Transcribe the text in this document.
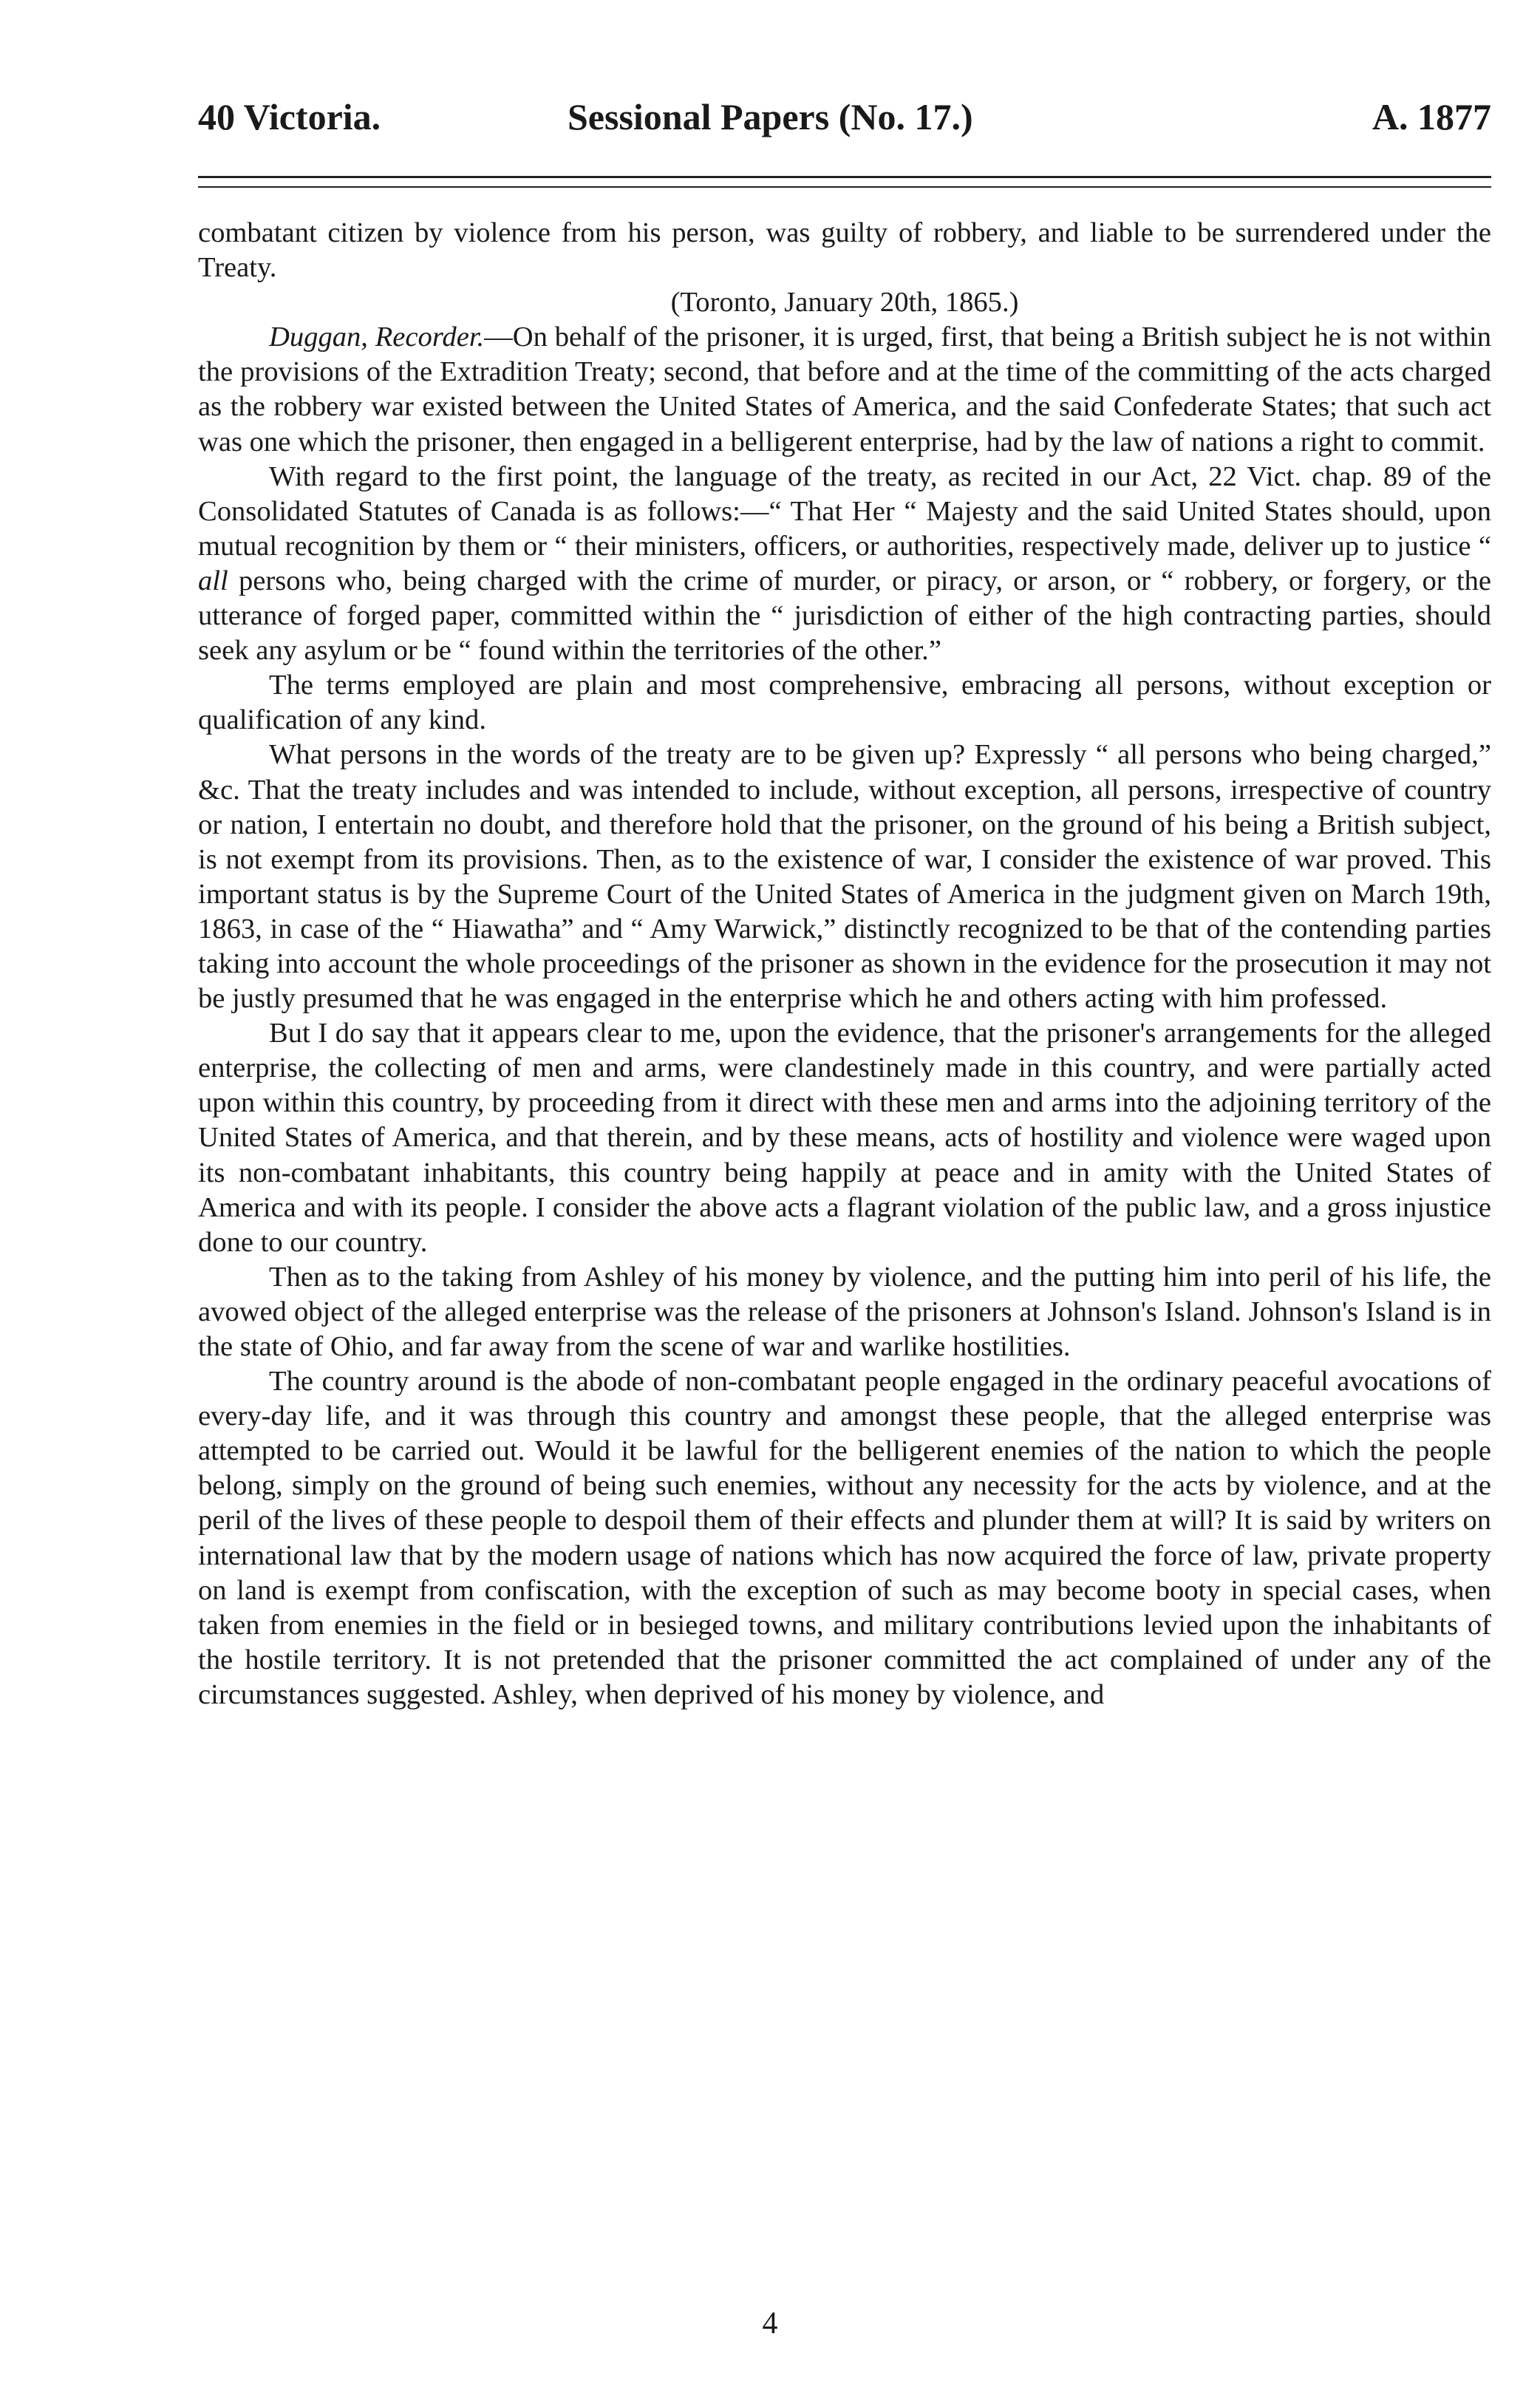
40 Victoria.	Sessional Papers (No. 17.)	A. 1877

combatant citizen by violence from his person, was guilty of robbery, and liable to be surrendered under the Treaty.

(Toronto, January 20th, 1865.)

Duggan, Recorder.—On behalf of the prisoner, it is urged, first, that being a British subject he is not within the provisions of the Extradition Treaty; second, that before and at the time of the committing of the acts charged as the robbery war existed between the United States of America, and the said Confederate States; that such act was one which the prisoner, then engaged in a belligerent enterprise, had by the law of nations a right to commit.

With regard to the first point, the language of the treaty, as recited in our Act, 22 Vict. chap. 89 of the Consolidated Statutes of Canada is as follows:—“ That Her “ Majesty and the said United States should, upon mutual recognition by them or “ their ministers, officers, or authorities, respectively made, deliver up to justice “ all persons who, being charged with the crime of murder, or piracy, or arson, or “ robbery, or forgery, or the utterance of forged paper, committed within the “ jurisdiction of either of the high contracting parties, should seek any asylum or be “ found within the territories of the other.”

The terms employed are plain and most comprehensive, embracing all persons, without exception or qualification of any kind.

What persons in the words of the treaty are to be given up? Expressly “ all persons who being charged,” &c. That the treaty includes and was intended to include, without exception, all persons, irrespective of country or nation, I entertain no doubt, and therefore hold that the prisoner, on the ground of his being a British subject, is not exempt from its provisions. Then, as to the existence of war, I consider the existence of war proved. This important status is by the Supreme Court of the United States of America in the judgment given on March 19th, 1863, in case of the “ Hiawatha” and “ Amy Warwick,” distinctly recognized to be that of the contending parties taking into account the whole proceedings of the prisoner as shown in the evidence for the prosecution it may not be justly presumed that he was engaged in the enterprise which he and others acting with him professed.

But I do say that it appears clear to me, upon the evidence, that the prisoner's arrangements for the alleged enterprise, the collecting of men and arms, were clandestinely made in this country, and were partially acted upon within this country, by proceeding from it direct with these men and arms into the adjoining territory of the United States of America, and that therein, and by these means, acts of hostility and violence were waged upon its non-combatant inhabitants, this country being happily at peace and in amity with the United States of America and with its people. I consider the above acts a flagrant violation of the public law, and a gross injustice done to our country.

Then as to the taking from Ashley of his money by violence, and the putting him into peril of his life, the avowed object of the alleged enterprise was the release of the prisoners at Johnson's Island. Johnson's Island is in the state of Ohio, and far away from the scene of war and warlike hostilities.

The country around is the abode of non-combatant people engaged in the ordinary peaceful avocations of every-day life, and it was through this country and amongst these people, that the alleged enterprise was attempted to be carried out. Would it be lawful for the belligerent enemies of the nation to which the people belong, simply on the ground of being such enemies, without any necessity for the acts by violence, and at the peril of the lives of these people to despoil them of their effects and plunder them at will? It is said by writers on international law that by the modern usage of nations which has now acquired the force of law, private property on land is exempt from confiscation, with the exception of such as may become booty in special cases, when taken from enemies in the field or in besieged towns, and military contributions levied upon the inhabitants of the hostile territory. It is not pretended that the prisoner committed the act complained of under any of the circumstances suggested. Ashley, when deprived of his money by violence, and

4
